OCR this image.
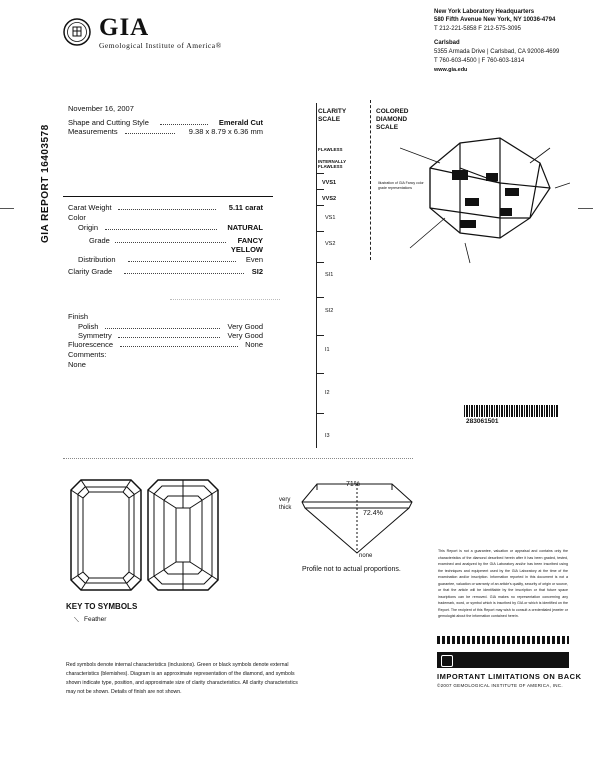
GIA
Gemological Institute of America®
New York Laboratory Headquarters
580 Fifth Avenue New York, NY 10036-4794
T 212-221-5858 F 212-575-3095
Carlsbad
5355 Armada Drive | Carlsbad, CA 92008-4699
T 760-603-4500 | F 760-603-1814
www.gia.edu
GIA REPORT 16403578
November 16, 2007
Shape and Cutting Style	Emerald Cut
Measurements	9.38 x 8.79 x 6.36 mm
Carat Weight	5.11 carat
Color
Origin	NATURAL
Grade	FANCY
YELLOW
Distribution	Even
Clarity Grade	SI2
Finish
Polish	Very Good
Symmetry	Very Good
Fluorescence	None
Comments:
None
CLARITY
SCALE
FLAWLESS
INTERNALLY FLAWLESS
VVS1
VVS2
VS1
VS2
SI1
SI2
I1
I2
I3
COLORED
DIAMOND
SCALE
Illustration of GIA Fancy color grade representations
283061501
71%
72.4%
very thick
none
Profile not to actual proportions.
KEY TO SYMBOLS
⟍ Feather
Red symbols denote internal characteristics (inclusions). Green or black symbols denote external characteristics (blemishes). Diagram is an approximate representation of the diamond, and symbols shown indicate type, position, and approximate size of clarity characteristics. All clarity characteristics may not be shown. Details of finish are not shown.
This Report is not a guarantee, valuation or appraisal and contains only the characteristics of the diamond described herein after it has been graded, tested, examined and analyzed by the GIA Laboratory and/or has been inscribed using the techniques and equipment used by the GIA Laboratory at the time of the examination and/or inscription. Information reported in this document is not a guarantee, valuation or warranty of an article's quality, security of origin or source, or that the article will be identifiable by the inscription or that future space inscriptions can be removed. GIA makes no representation concerning any trademark, word, or symbol which is inscribed by GIA or which is identified on the Report. The recipient of this Report may wish to consult a credentialed jeweler or gemologist about the information contained herein.
IMPORTANT LIMITATIONS ON BACK
©2007 GEMOLOGICAL INSTITUTE OF AMERICA, INC.
